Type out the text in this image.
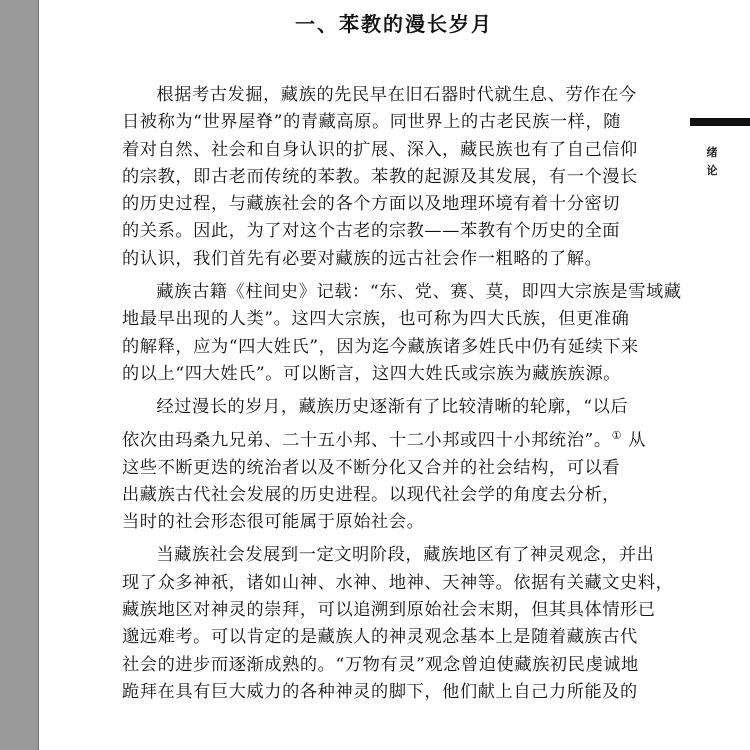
一、苯教的漫长岁月
绪
论

根据考古发掘，藏族的先民早在旧石器时代就生息、劳作在今
日被称为“世界屋脊”的青藏高原。同世界上的古老民族一样，随
着对自然、社会和自身认识的扩展、深入，藏民族也有了自己信仰
的宗教，即古老而传统的苯教。苯教的起源及其发展，有一个漫长
的历史过程，与藏族社会的各个方面以及地理环境有着十分密切
的关系。因此，为了对这个古老的宗教——苯教有个历史的全面
的认识，我们首先有必要对藏族的远古社会作一粗略的了解。

藏族古籍《柱间史》记载：“东、党、赛、莫，即四大宗族是雪域藏
地最早出现的人类”。这四大宗族，也可称为四大氏族，但更准确
的解释，应为“四大姓氏”，因为迄今藏族诸多姓氏中仍有延续下来
的以上“四大姓氏”。可以断言，这四大姓氏或宗族为藏族族源。

经过漫长的岁月，藏族历史逐渐有了比较清晰的轮廓，“以后
依次由玛桑九兄弟、二十五小邦、十二小邦或四十小邦统治”。① 从
这些不断更迭的统治者以及不断分化又合并的社会结构，可以看
出藏族古代社会发展的历史进程。以现代社会学的角度去分析，
当时的社会形态很可能属于原始社会。

当藏族社会发展到一定文明阶段，藏族地区有了神灵观念，并出
现了众多神祇，诸如山神、水神、地神、天神等。依据有关藏文史料，
藏族地区对神灵的崇拜，可以追溯到原始社会末期，但其具体情形已
邈远难考。可以肯定的是藏族人的神灵观念基本上是随着藏族古代
社会的进步而逐渐成熟的。“万物有灵”观念曾迫使藏族初民虔诚地
跪拜在具有巨大威力的各种神灵的脚下，他们献上自己力所能及的
